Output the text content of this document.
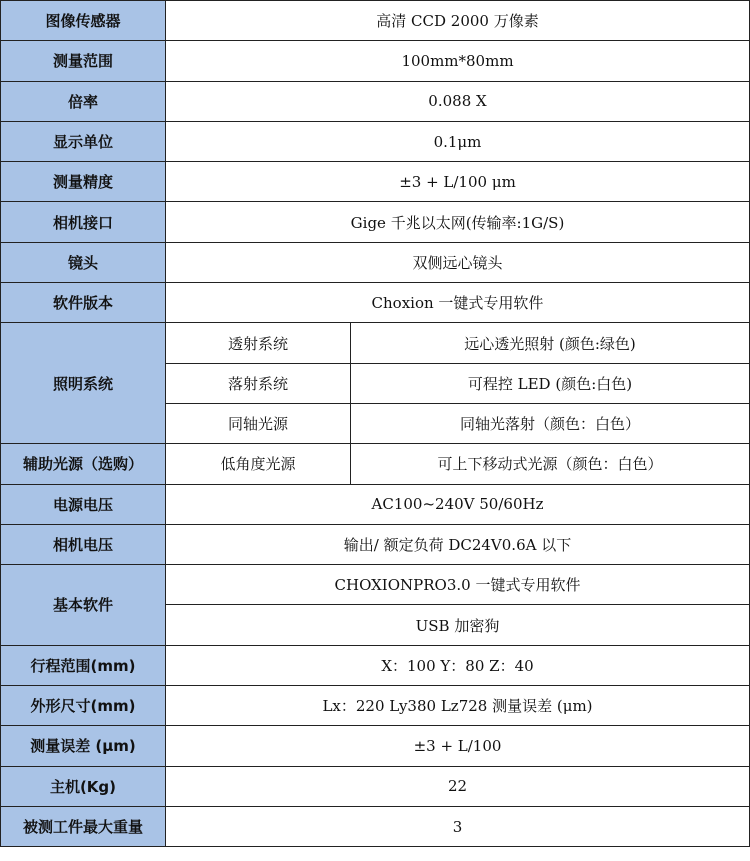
图像传感器	高清 CCD 2000 万像素	
测量范围	100mm*80mm	
倍率	0.088 X	
显示单位	0.1μm	
测量精度	±3 + L/100 μm	
相机接口	Gige 千兆以太网(传输率:1G/S)	
镜头	双侧远心镜头	
软件版本	Choxion 一键式专用软件	
照明系统	透射系统	远心透光照射 (颜色:绿色)
	落射系统	可程控 LED (颜色:白色)
	同轴光源	同轴光落射（颜色：白色）
辅助光源（选购）	低角度光源	可上下移动式光源（颜色：白色）
电源电压	AC100~240V 50/60Hz	
相机电压	输出/ 额定负荷 DC24V0.6A 以下	
基本软件	CHOXIONPRO3.0 一键式专用软件	
	USB 加密狗	
行程范围(mm)	X：100 Y：80 Z：40	
外形尺寸(mm)	Lx：220 Ly380 Lz728 测量误差 (μm)	
测量误差 (μm)	±3 + L/100	
主机(Kg)	22	
被测工件最大重量	3	
